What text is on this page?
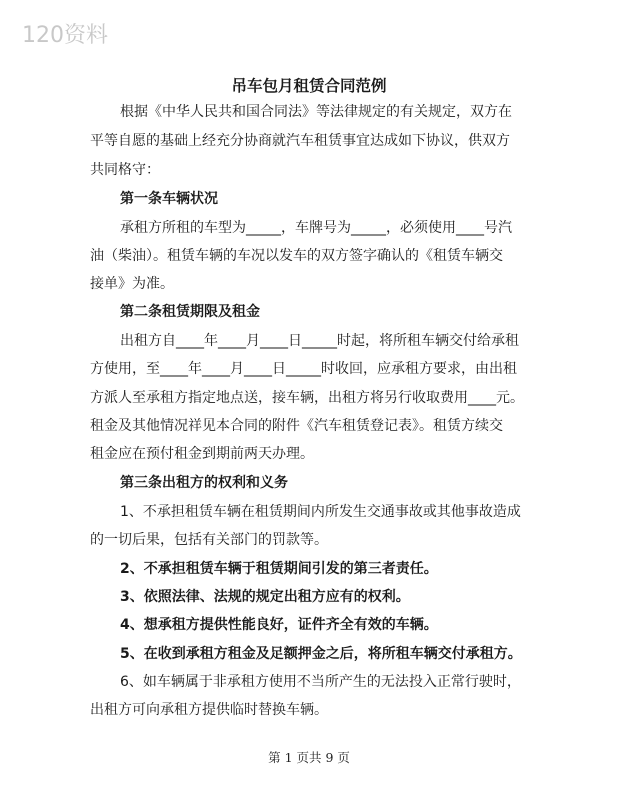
120资料
吊车包月租赁合同范例
根据《中华人民共和国合同法》等法律规定的有关规定，双方在
平等自愿的基础上经充分协商就汽车租赁事宜达成如下协议，供双方
共同格守：
第一条车辆状况
承租方所租的车型为_____，车牌号为_____，必须使用____号汽
油（柴油）。租赁车辆的车况以发车的双方签字确认的《租赁车辆交
接单》为准。
第二条租赁期限及租金
出租方自____年____月____日_____时起，将所租车辆交付给承租
方使用，至____年____月____日_____时收回，应承租方要求，由出租
方派人至承租方指定地点送，接车辆，出租方将另行收取费用____元。
租金及其他情况祥见本合同的附件《汽车租赁登记表》。租赁方续交
租金应在预付租金到期前两天办理。
第三条出租方的权利和义务
1、不承担租赁车辆在租赁期间内所发生交通事故或其他事故造成
的一切后果，包括有关部门的罚款等。
2、不承担租赁车辆于租赁期间引发的第三者责任。
3、依照法律、法规的规定出租方应有的权利。
4、想承租方提供性能良好，证件齐全有效的车辆。
5、在收到承租方租金及足额押金之后，将所租车辆交付承租方。
6、如车辆属于非承租方使用不当所产生的无法投入正常行驶时，
出租方可向承租方提供临时替换车辆。
第 1 页共 9 页
